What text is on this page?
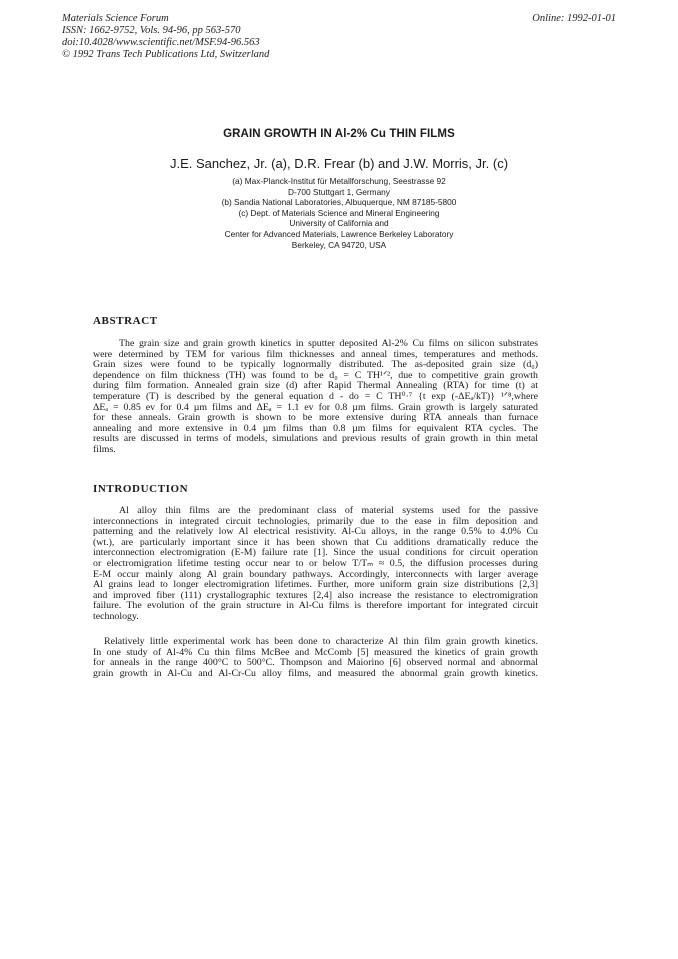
Materials Science Forum
ISSN: 1662-9752, Vols. 94-96, pp 563-570
doi:10.4028/www.scientific.net/MSF.94-96.563
© 1992 Trans Tech Publications Ltd, Switzerland
Online: 1992-01-01
GRAIN GROWTH IN Al-2% Cu THIN FILMS
J.E. Sanchez, Jr. (a), D.R. Frear (b) and J.W. Morris, Jr. (c)
(a) Max-Planck-Institut für Metallforschung, Seestrasse 92
D-700 Stuttgart 1, Germany
(b) Sandia National Laboratories, Albuquerque, NM 87185-5800
(c) Dept. of Materials Science and Mineral Engineering
University of California and
Center for Advanced Materials, Lawrence Berkeley Laboratory
Berkeley, CA 94720, USA
ABSTRACT
The grain size and grain growth kinetics in sputter deposited Al-2% Cu films on silicon substrates
were determined by TEM for various film thicknesses and anneal times, temperatures and methods.
Grain sizes were found to be typically lognormally distributed. The as-deposited grain size (d₀)
dependence on film thickness (TH) was found to be d₀ = C TH¹ᐟ², due to competitive grain growth
during film formation. Annealed grain size (d) after Rapid Thermal Annealing (RTA) for time (t) at
temperature (T) is described by the general equation d - do = C TH⁰·⁷ {t exp (-ΔEₐ/kT)} ¹ᐟ⁸,where
ΔEₐ = 0.85 ev for 0.4 µm films and ΔEₐ = 1.1 ev for 0.8 µm films. Grain growth is largely saturated
for these anneals. Grain growth is shown to be more extensive during RTA anneals than furnace
annealing and more extensive in 0.4 µm films than 0.8 µm films for equivalent RTA cycles. The
results are discussed in terms of models, simulations and previous results of grain growth in thin metal
films.
INTRODUCTION
Al alloy thin films are the predominant class of material systems used for the passive
interconnections in integrated circuit technologies, primarily due to the ease in film deposition and
patterning and the relatively low Al electrical resistivity. Al-Cu alloys, in the range 0.5% to 4.0% Cu
(wt.), are particularly important since it has been shown that Cu additions dramatically reduce the
interconnection electromigration (E-M) failure rate [1]. Since the usual conditions for circuit operation
or electromigration lifetime testing occur near to or below T/Tₘ ≈ 0.5, the diffusion processes during
E-M occur mainly along Al grain boundary pathways. Accordingly, interconnects with larger average
Al grains lead to longer electromigration lifetimes. Further, more uniform grain size distributions [2,3]
and improved fiber (111) crystallographic textures [2,4] also increase the resistance to electromigration
failure. The evolution of the grain structure in Al-Cu films is therefore important for integrated circuit
technology.
Relatively little experimental work has been done to characterize Al thin film grain growth kinetics.
In one study of Al-4% Cu thin films McBee and McComb [5] measured the kinetics of grain growth
for anneals in the range 400°C to 500°C. Thompson and Maiorino [6] observed normal and abnormal
grain growth in Al-Cu and Al-Cr-Cu alloy films, and measured the abnormal grain growth kinetics.
